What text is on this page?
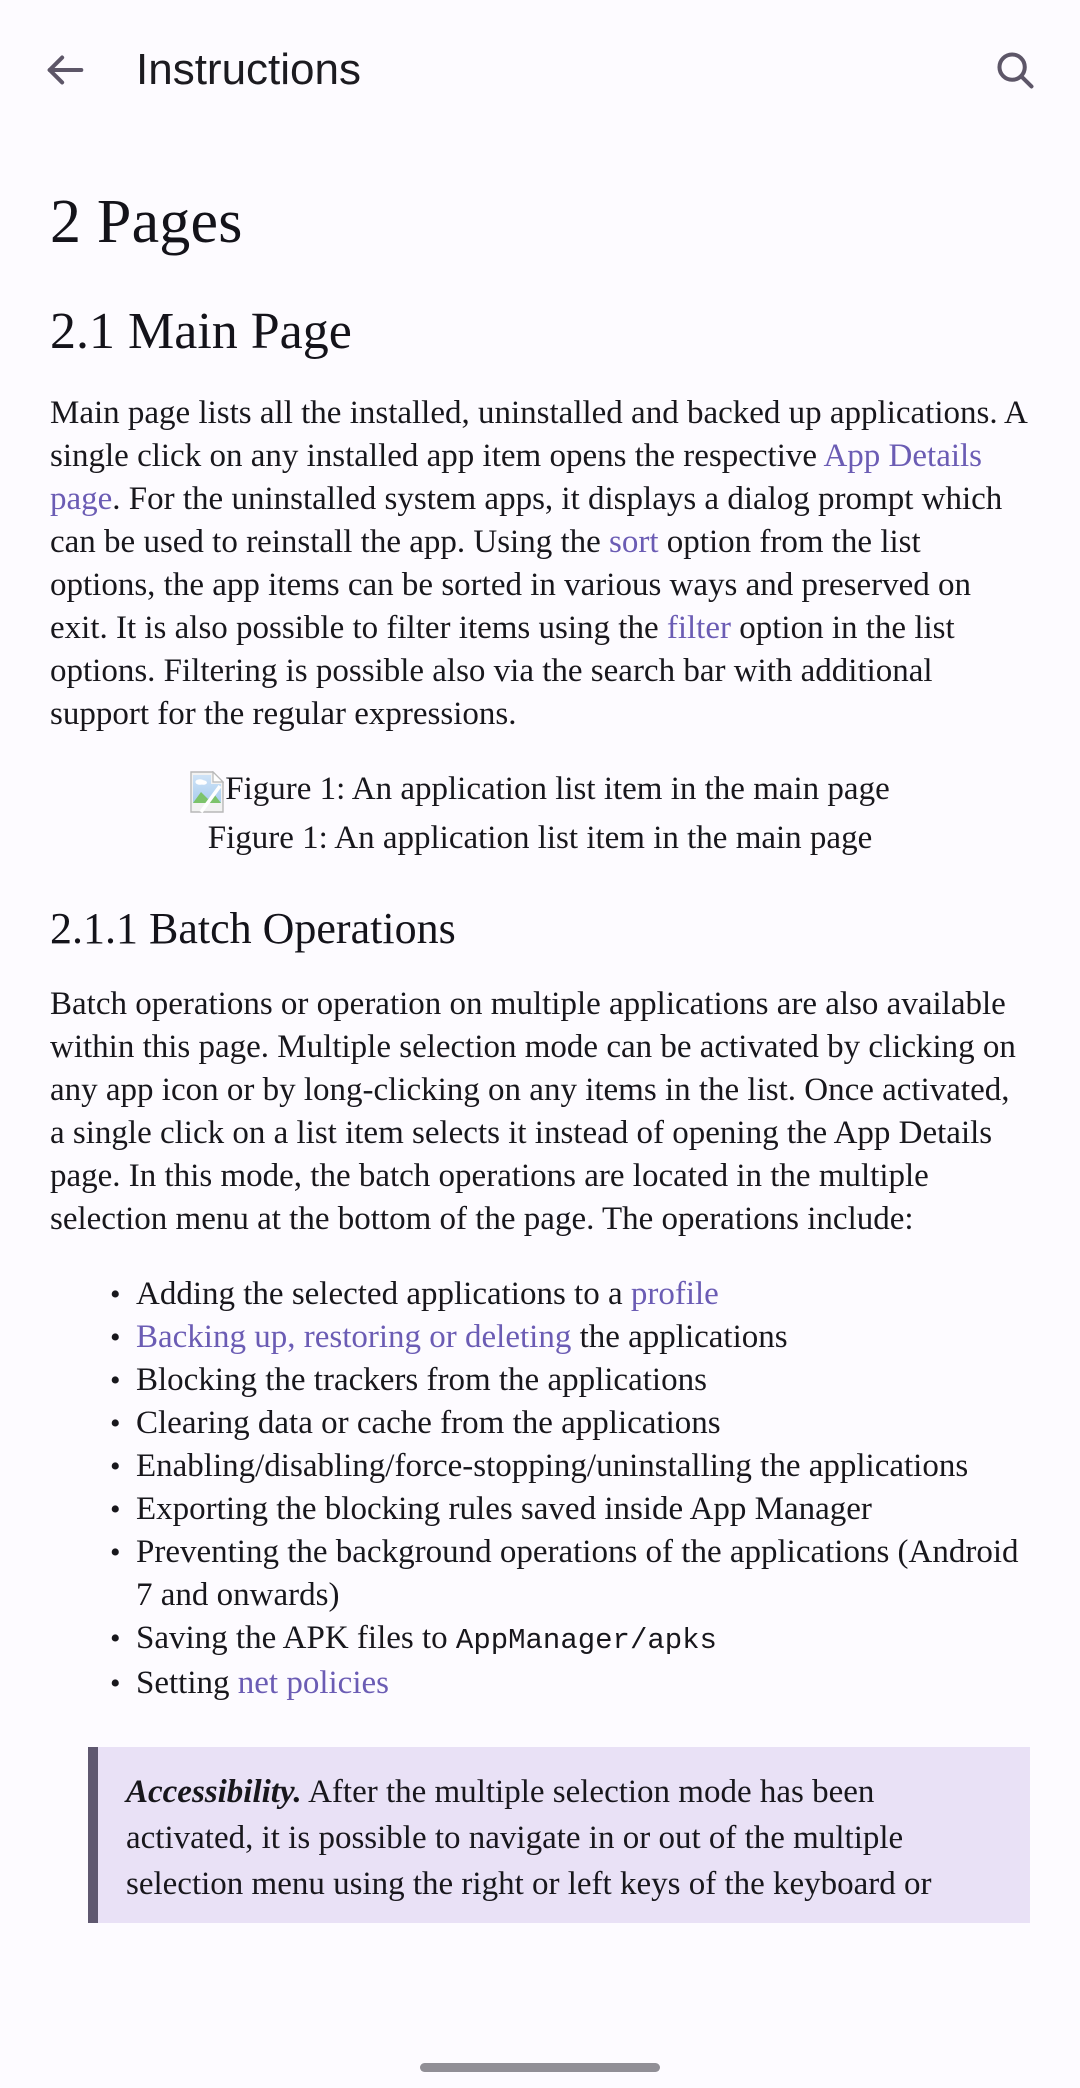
Instructions
2 Pages
2.1 Main Page

Main page lists all the installed, uninstalled and backed up applications. A single click on any installed app item opens the respective App Details page. For the uninstalled system apps, it displays a dialog prompt which can be used to reinstall the app. Using the sort option from the list options, the app items can be sorted in various ways and preserved on exit. It is also possible to filter items using the filter option in the list options. Filtering is possible also via the search bar with additional support for the regular expressions.

Figure 1: An application list item in the main page
Figure 1: An application list item in the main page
2.1.1 Batch Operations

Batch operations or operation on multiple applications are also available within this page. Multiple selection mode can be activated by clicking on any app icon or by long-clicking on any items in the list. Once activated, a single click on a list item selects it instead of opening the App Details page. In this mode, the batch operations are located in the multiple selection menu at the bottom of the page. The operations include:

• Adding the selected applications to a profile
• Backing up, restoring or deleting the applications
• Blocking the trackers from the applications
• Clearing data or cache from the applications
• Enabling/disabling/force-stopping/uninstalling the applications
• Exporting the blocking rules saved inside App Manager
• Preventing the background operations of the applications (Android 7 and onwards)
• Saving the APK files to AppManager/apks
• Setting net policies

Accessibility. After the multiple selection mode has been activated, it is possible to navigate in or out of the multiple selection menu using the right or left keys of the keyboard or
